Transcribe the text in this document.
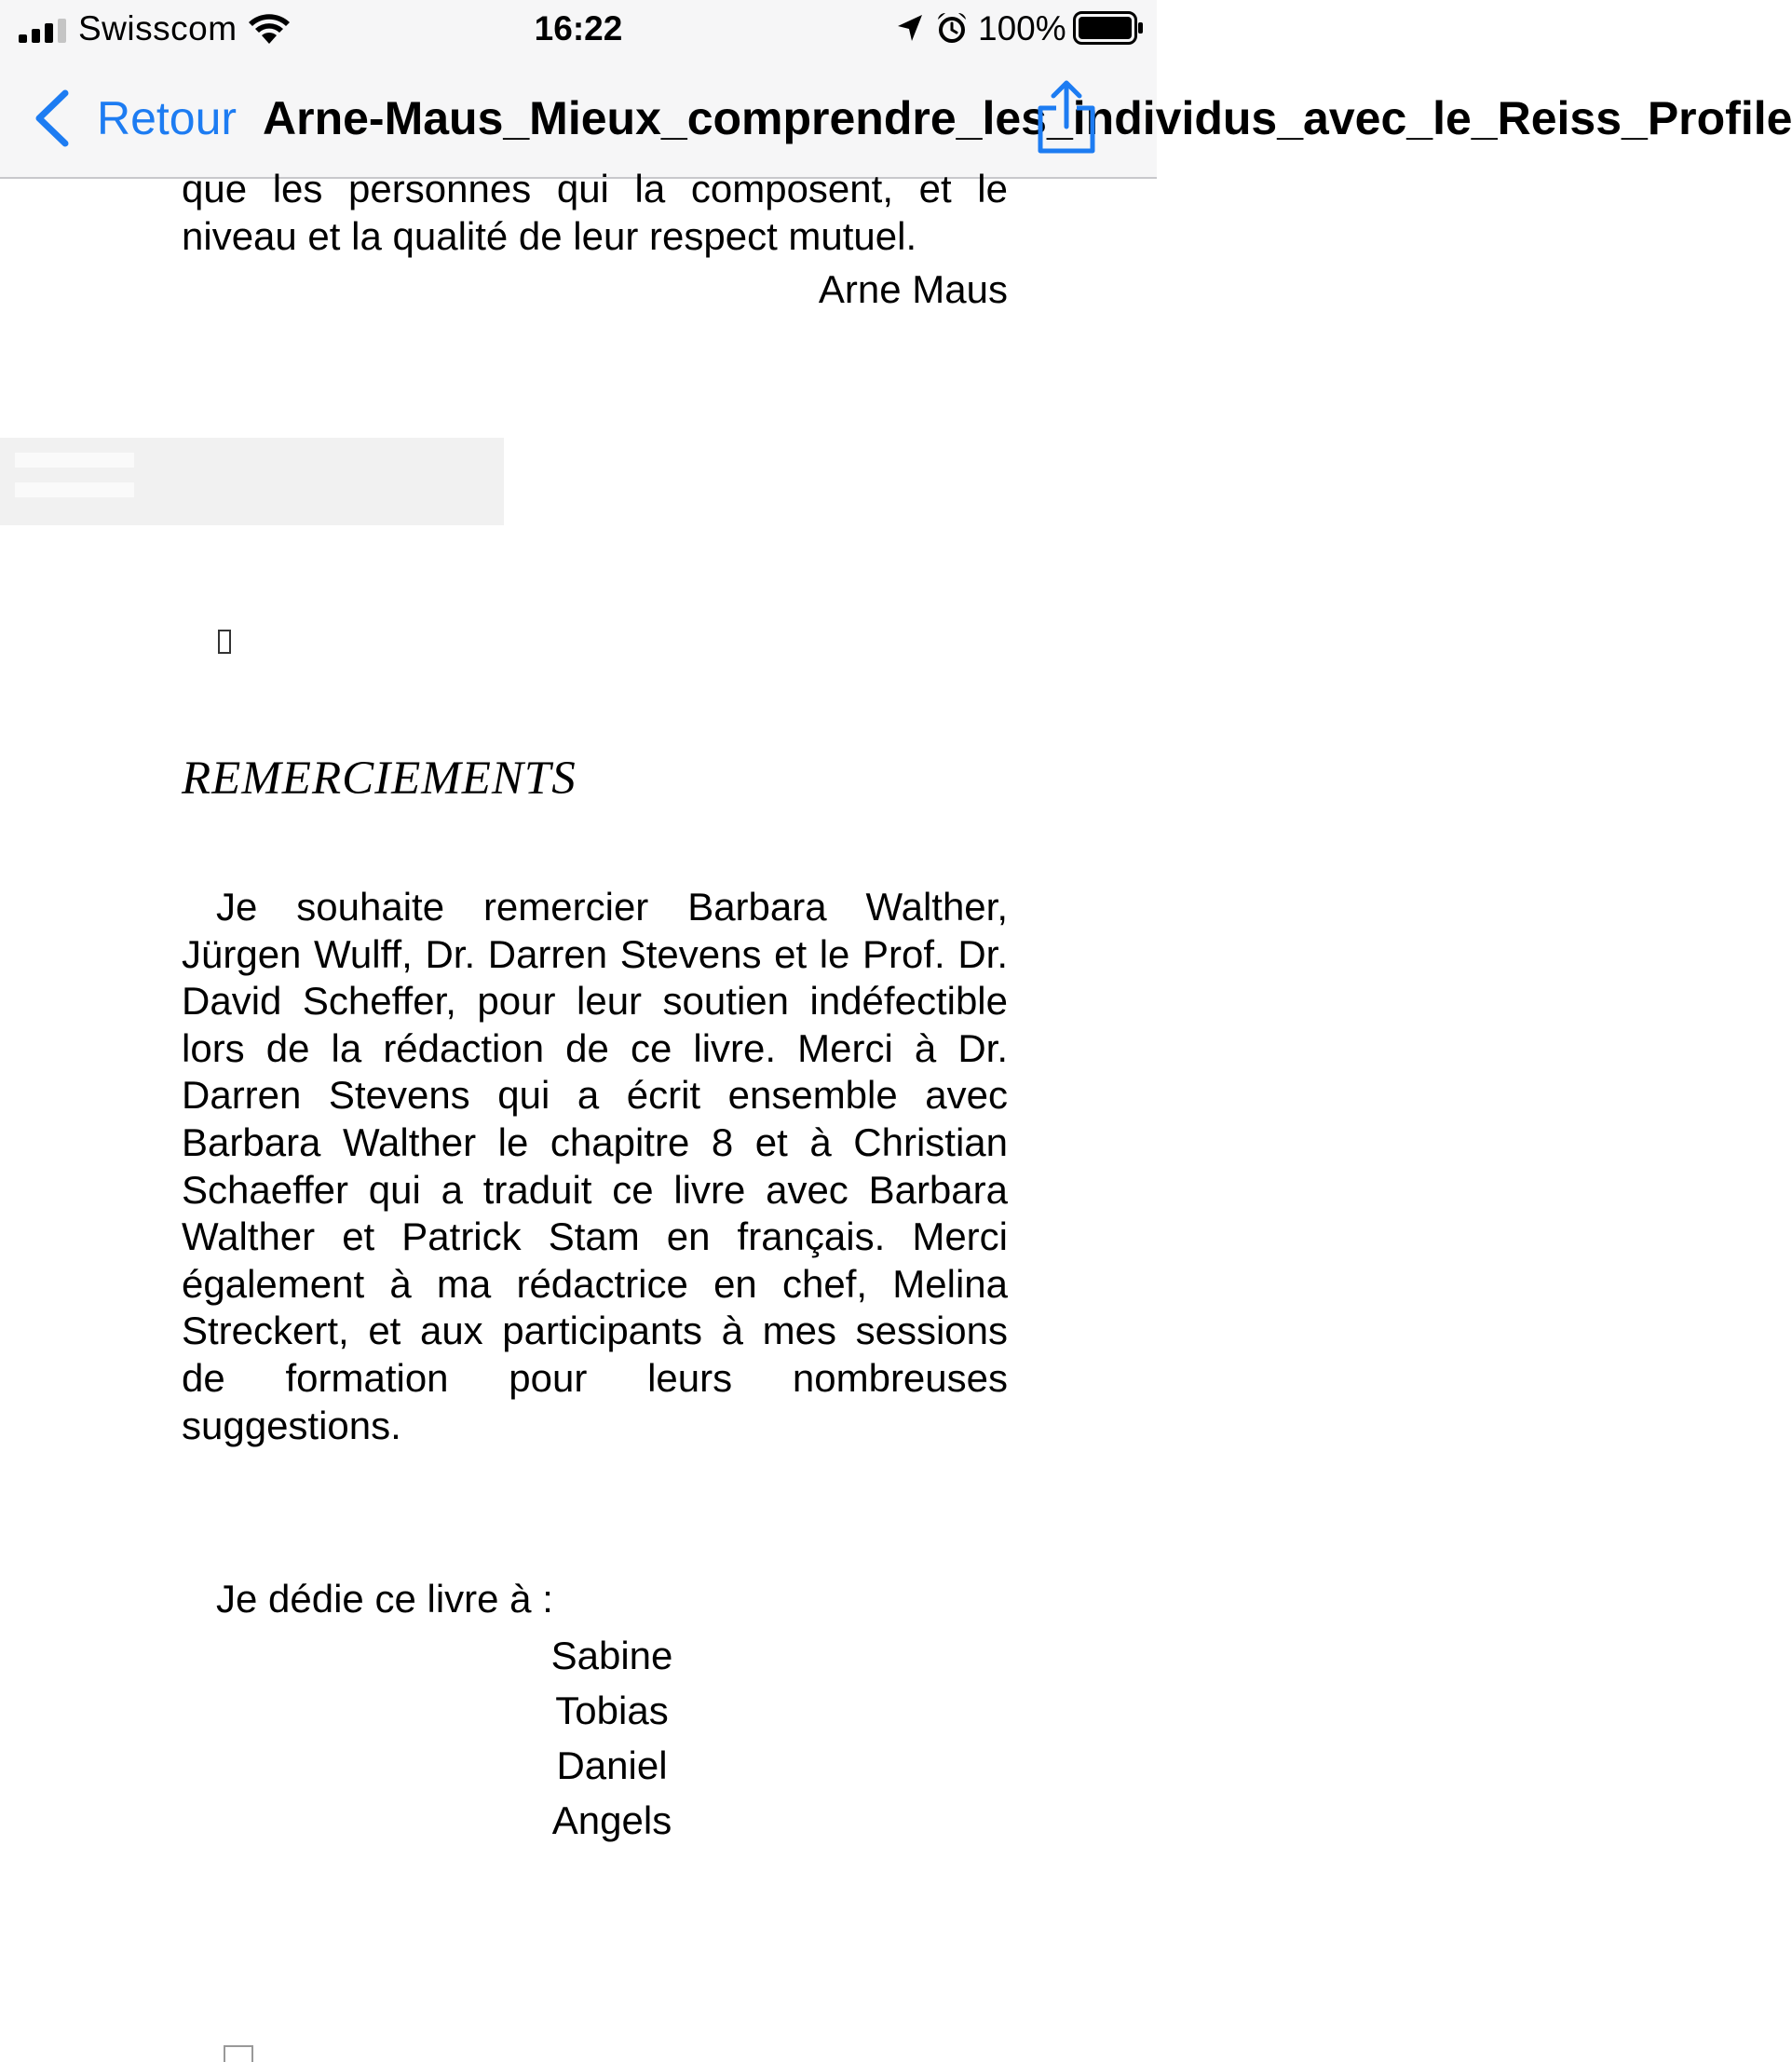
Swisscom	16:22	100%
Retour Arne-Maus_Mieux_comprendre_les_individus_avec_le_Reiss_Profile
que les personnes qui la composent, et le niveau et la qualité de leur respect mutuel.
Arne Maus
REMERCIEMENTS
Je souhaite remercier Barbara Walther, Jürgen Wulff, Dr. Darren Stevens et le Prof. Dr. David Scheffer, pour leur soutien indéfectible lors de la rédaction de ce livre. Merci à Dr. Darren Stevens qui a écrit ensemble avec Barbara Walther le chapitre 8 et à Christian Schaeffer qui a traduit ce livre avec Barbara Walther et Patrick Stam en français. Merci également à ma rédactrice en chef, Melina Streckert, et aux participants à mes sessions de formation pour leurs nombreuses suggestions.
Je dédie ce livre à :
Sabine
Tobias
Daniel
Angels
